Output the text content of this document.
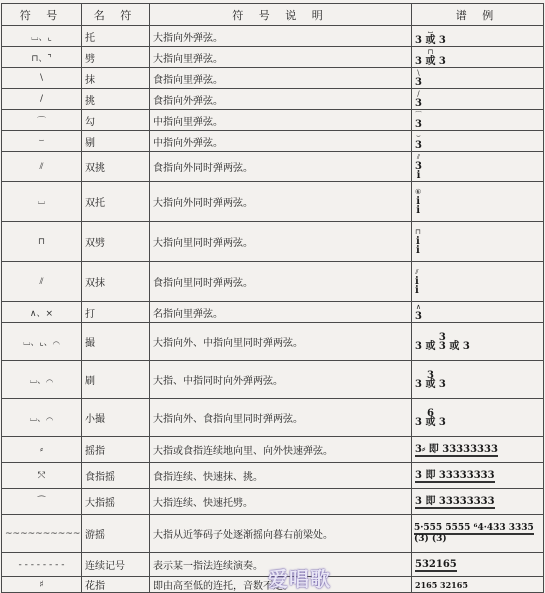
符 号	名 符	符 号 说 明	谱 例
⌴、⌞	托	大指向外弹弦。	⌴
3 或 3

⊓、⌝	劈	大指向里弹弦。	⊓
3 或 3

\	抹	食指向里弹弦。	\
3

/	挑	食指向外弹弦。	/
3

⌒	勾	中指向里弹弦。	⌒
3

⌣	剔	中指向外弹弦。	⌣
3

⫽	双挑	食指向外同时弹两弦。	⫽
3
i

⌴	双托	大指向外同时弹两弦。	⑥
i
i

⊓	双劈	大指向里同时弹两弦。	⊓
i
i

⫽	双抹	食指向里同时弹两弦。	⫽
i
i

∧、×	打	名指向里弹弦。	∧
3

⌴、⌞、⌒	撮	大指向外、中指向里同时弹两弦。	3
3 或 3 或 3

⌴、⌒	刷	大指、中指同时向外弹两弦。	3
3 或 3

⌴、⌒	小撮	大指向外、食指向里同时弹两弦。	6
3 或 3

⸗	摇指	大指或食指连续地向里、向外快速弹弦。	3⸗ 即 33333333
⤲	食指摇	食指连续、快速抹、挑。	3 即 33333333
⁀	大指摇	大指连续、快速托劈。	3 即 33333333
~~~~~~~~~~	游摇	大指从近筝码子处逐渐摇向暮右前梁处。	$\frac{\text{5·555 5555 ⁶4·433 3335}}{(3) (3)}$

- - - - - - - -	连续记号	表示某一指法连续演奏。	532165
♯	花指	即由高至低的连托，音数不定。	2165 32165
爱唱歌
